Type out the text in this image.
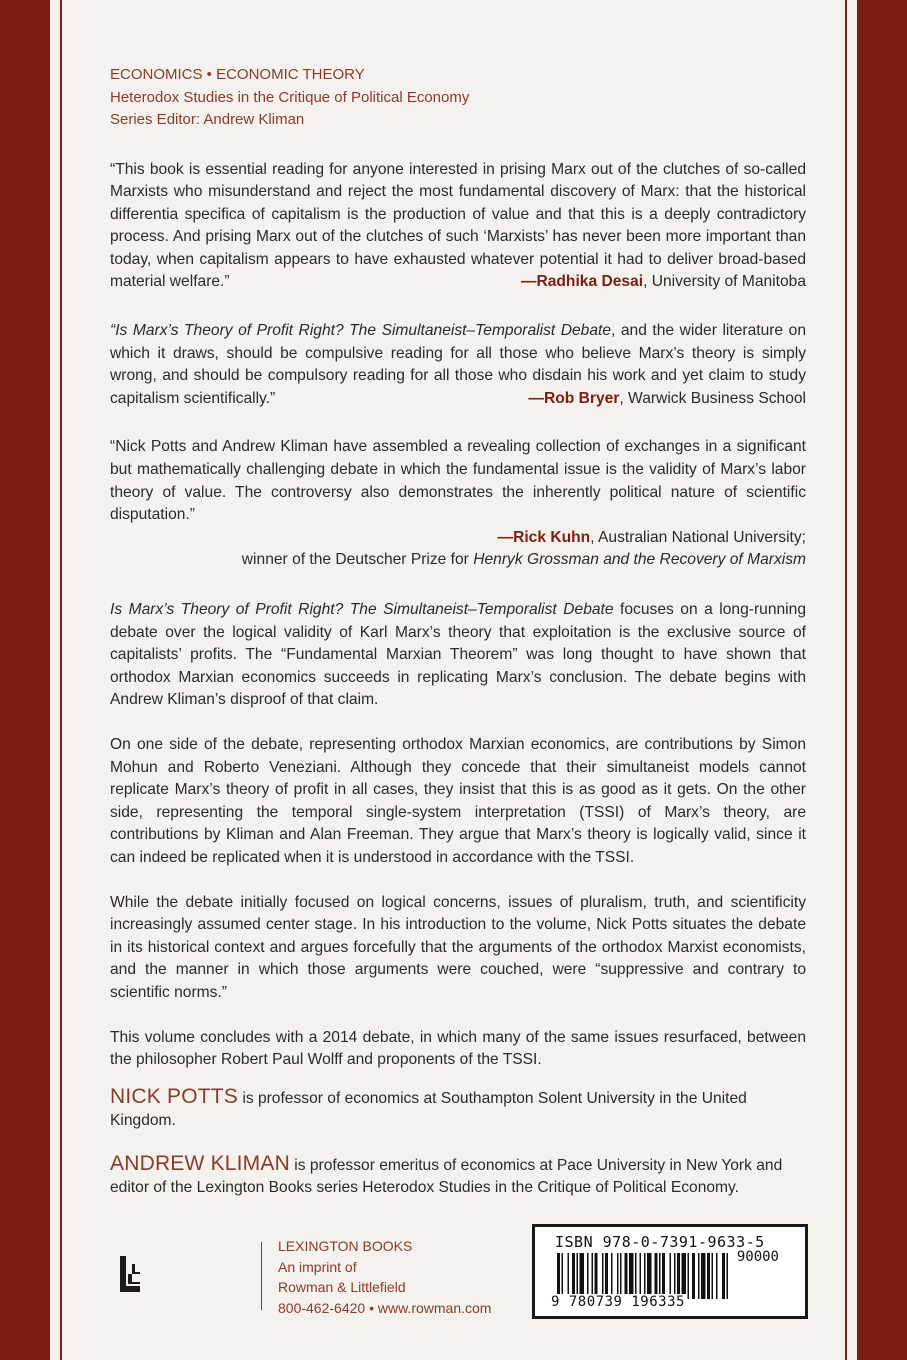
ECONOMICS • ECONOMIC THEORY
Heterodox Studies in the Critique of Political Economy
Series Editor: Andrew Kliman

“This book is essential reading for anyone interested in prising Marx out of the clutches of so-called Marxists who misunderstand and reject the most fundamental discovery of Marx: that the historical differentia specifica of capitalism is the production of value and that this is a deeply contradictory process. And prising Marx out of the clutches of such ‘Marxists’ has never been more important than today, when capitalism appears to have exhausted whatever potential it had to deliver broad-based material welfare.”	—Radhika Desai, University of Manitoba

“Is Marx’s Theory of Profit Right? The Simultaneist–Temporalist Debate, and the wider literature on which it draws, should be compulsive reading for all those who believe Marx’s theory is simply wrong, and should be compulsory reading for all those who disdain his work and yet claim to study capitalism scientifically.”	—Rob Bryer, Warwick Business School

“Nick Potts and Andrew Kliman have assembled a revealing collection of exchanges in a significant but mathematically challenging debate in which the fundamental issue is the validity of Marx’s labor theory of value. The controversy also demonstrates the inherently political nature of scientific disputation.”
—Rick Kuhn, Australian National University;
winner of the Deutscher Prize for Henryk Grossman and the Recovery of Marxism

Is Marx’s Theory of Profit Right? The Simultaneist–Temporalist Debate focuses on a long-running debate over the logical validity of Karl Marx’s theory that exploitation is the exclusive source of capitalists’ profits. The “Fundamental Marxian Theorem” was long thought to have shown that orthodox Marxian economics succeeds in replicating Marx’s conclusion. The debate begins with Andrew Kliman’s disproof of that claim.

On one side of the debate, representing orthodox Marxian economics, are contributions by Simon Mohun and Roberto Veneziani. Although they concede that their simultaneist models cannot replicate Marx’s theory of profit in all cases, they insist that this is as good as it gets. On the other side, representing the temporal single-system interpretation (TSSI) of Marx’s theory, are contributions by Kliman and Alan Freeman. They argue that Marx’s theory is logically valid, since it can indeed be replicated when it is understood in accordance with the TSSI.

While the debate initially focused on logical concerns, issues of pluralism, truth, and scientificity increasingly assumed center stage. In his introduction to the volume, Nick Potts situates the debate in its historical context and argues forcefully that the arguments of the orthodox Marxist economists, and the manner in which those arguments were couched, were “suppressive and contrary to scientific norms.”

This volume concludes with a 2014 debate, in which many of the same issues resurfaced, between the philosopher Robert Paul Wolff and proponents of the TSSI.

NICK POTTS is professor of economics at Southampton Solent University in the United Kingdom.

ANDREW KLIMAN is professor emeritus of economics at Pace University in New York and editor of the Lexington Books series Heterodox Studies in the Critique of Political Economy.

LEXINGTON BOOKS
An imprint of
Rowman & Littlefield
800-462-6420 • www.rowman.com
ISBN 978-0-7391-9633-5
90000
9 780739 196335
